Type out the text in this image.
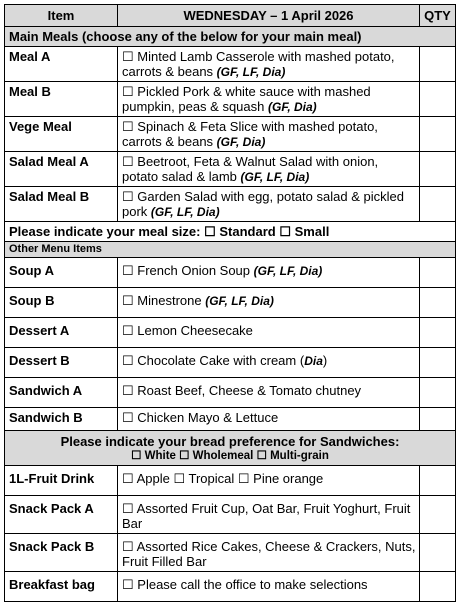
Item	WEDNESDAY – 1 April 2026	QTY
Main Meals (choose any of the below for your main meal)		
Meal A	☐ Minted Lamb Casserole with mashed potato, carrots & beans (GF, LF, Dia)	
Meal B	☐ Pickled Pork & white sauce with mashed pumpkin, peas & squash (GF, Dia)	
Vege Meal	☐ Spinach & Feta Slice with mashed potato, carrots & beans (GF, Dia)	
Salad Meal A	☐ Beetroot, Feta & Walnut Salad with onion, potato salad & lamb (GF, LF, Dia)	
Salad Meal B	☐ Garden Salad with egg, potato salad & pickled pork (GF, LF, Dia)	
Please indicate your meal size: ☐ Standard ☐ Small		
Other Menu Items		
Soup A	☐ French Onion Soup (GF, LF, Dia)	
Soup B	☐ Minestrone (GF, LF, Dia)	
Dessert A	☐ Lemon Cheesecake	
Dessert B	☐ Chocolate Cake with cream (Dia)	
Sandwich A	☐ Roast Beef, Cheese & Tomato chutney	
Sandwich B	☐ Chicken Mayo & Lettuce	

Please indicate your bread preference for Sandwiches:
☐ White ☐ Wholemeal ☐ Multi-grain		

1L-Fruit Drink	☐ Apple ☐ Tropical ☐ Pine orange	
Snack Pack A	☐ Assorted Fruit Cup, Oat Bar, Fruit Yoghurt, Fruit Bar	
Snack Pack B	☐ Assorted Rice Cakes, Cheese & Crackers, Nuts, Fruit Filled Bar	
Breakfast bag	☐ Please call the office to make selections	
